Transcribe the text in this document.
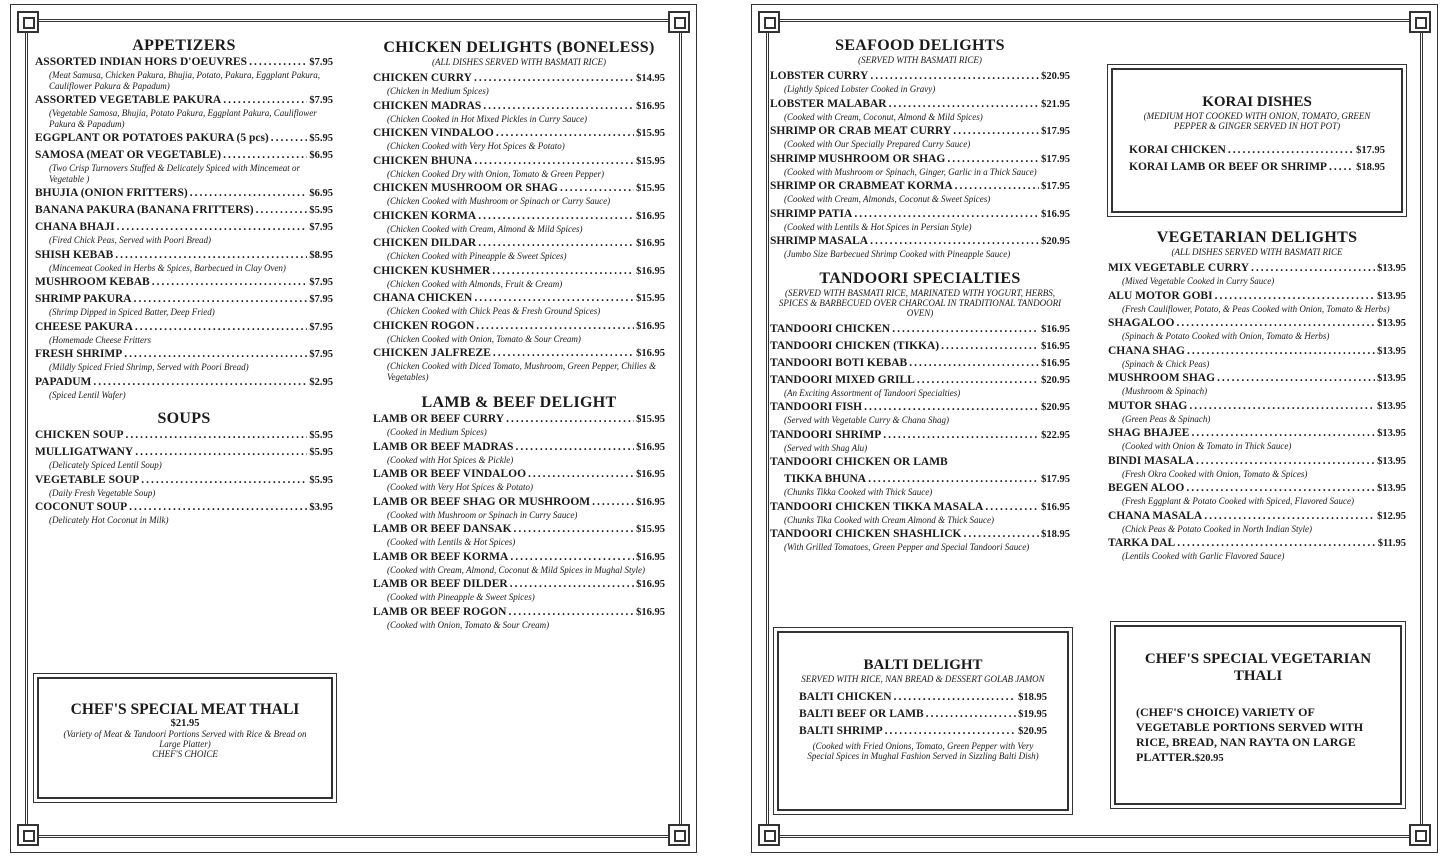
APPETIZERS
ASSORTED INDIAN HORS D'OEUVRES .....	$7.95
(Meat Samusa, Chicken Pakura, Bhujia, Potato, Pakura, Eggplant Pakura, Cauliflower Pakura & Papadum)
ASSORTED VEGETABLE PAKURA .....	$7.95
(Vegetable Samosa, Bhujia, Potato Pakura, Eggplant Pakura, Cauliflower Pakura & Papadum)
EGGPLANT OR POTATOES PAKURA (5 pcs) .....	$5.95
SAMOSA (MEAT OR VEGETABLE) .....	$6.95
(Two Crisp Turnovers Stuffed & Delicately Spiced with Mincemeat or Vegetable )
BHUJIA (ONION FRITTERS) .....	$6.95
BANANA PAKURA (BANANA FRITTERS) .....	$5.95
CHANA BHAJI .....	$7.95
(Fired Chick Peas, Served with Poori Bread)
SHISH KEBAB .....	$8.95
(Mincemeat Cooked in Herbs & Spices, Barbecued in Clay Oven)
MUSHROOM KEBAB .....	$7.95
SHRIMP PAKURA .....	$7.95
(Shrimp Dipped in Spiced Batter, Deep Fried)
CHEESE PAKURA .....	$7.95
(Homemade Cheese Fritters
FRESH SHRIMP .....	$7.95
(Mildly Spiced Fried Shrimp, Served with Poori Bread)
PAPADUM .....	$2.95
(Spiced Lentil Wafer)
SOUPS
CHICKEN SOUP .....	$5.95
MULLIGATWANY .....	$5.95
(Delicately Spiced Lentil Soup)
VEGETABLE SOUP .....	$5.95
(Daily Fresh Vegetable Soup)
COCONUT SOUP .....	$3.95
(Delicately Hot Coconut in Milk)
CHEF'S SPECIAL MEAT THALI
$21.95
(Variety of Meat & Tandoori Portions Served with Rice & Bread on Large Platter)
CHEF'S CHOICE
CHICKEN DELIGHTS (BONELESS)

(ALL DISHES SERVED WITH BASMATI RICE)

CHICKEN CURRY .....	$14.95
(Chicken in Medium Spices)
CHICKEN MADRAS .....	$16.95
(Chicken Cooked in Hot Mixed Pickles in Curry Sauce)
CHICKEN VINDALOO .....	$15.95
(Chicken Cooked with Very Hot Spices & Potato)
CHICKEN BHUNA .....	$15.95
(Chicken Cooked Dry with Onion, Tomato & Green Pepper)
CHICKEN MUSHROOM OR SHAG .....	$15.95
(Chicken Cooked with Mushroom or Spinach or Curry Sauce)
CHICKEN KORMA .....	$16.95
(Chicken Cooked with Cream, Almond & Mild Spices)
CHICKEN DILDAR .....	$16.95
(Chicken Cooked with Pineapple & Sweet Spices)
CHICKEN KUSHMER .....	$16.95
(Chicken Cooked with Almonds, Fruit & Cream)
CHANA CHICKEN .....	$15.95
(Chicken Cooked with Chick Peas & Fresh Ground Spices)
CHICKEN ROGON .....	$16.95
(Chicken Cooked with Onion, Tomato & Sour Cream)
CHICKEN JALFREZE .....	$16.95
(Chicken Cooked with Diced Tomato, Mushroom, Green Pepper, Chilies & Vegetables)
LAMB & BEEF DELIGHT
LAMB OR BEEF CURRY .....	$15.95
(Cooked in Medium Spices)
LAMB OR BEEF MADRAS .....	$16.95
(Cooked with Hot Spices & Pickle)
LAMB OR BEEF VINDALOO .....	$16.95
(Cooked with Very Hot Spices & Potato)
LAMB OR BEEF SHAG OR MUSHROOM .....	$16.95
(Cooked with Mushroom or Spinach in Curry Sauce)
LAMB OR BEEF DANSAK .....	$15.95
(Cooked with Lentils & Hot Spices)
LAMB OR BEEF KORMA .....	$16.95
(Cooked with Cream, Almond, Coconut & Mild Spices in Mughal Style)
LAMB OR BEEF DILDER .....	$16.95
(Cooked with Pineapple & Sweet Spices)
LAMB OR BEEF ROGON .....	$16.95
(Cooked with Onion, Tomato & Sour Cream)
SEAFOOD DELIGHTS

(SERVED WITH BASMATI RICE)

LOBSTER CURRY .....	$20.95
(Lightly Spiced Lobster Cooked in Gravy)
LOBSTER MALABAR .....	$21.95
(Cooked with Cream, Coconut, Almond & Mild Spices)
SHRIMP OR CRAB MEAT CURRY .....	$17.95
(Cooked with Our Specially Prepared Curry Sauce)
SHRIMP MUSHROOM OR SHAG .....	$17.95
(Cooked with Mushroom or Spinach, Ginger, Garlic in a Thick Sauce)
SHRIMP OR CRABMEAT KORMA .....	$17.95
(Cooked with Cream, Almonds, Coconut & Sweet Spices)
SHRIMP PATIA .....	$16.95
(Cooked with Lentils & Hot Spices in Persian Style)
SHRIMP MASALA .....	$20.95
(Jumbo Size Barbecued Shrimp Cooked with Pineapple Sauce)
TANDOORI SPECIALTIES

(SERVED WITH BASMATI RICE, MARINATED WITH YOGURT, HERBS, SPICES & BARBECUED OVER CHARCOAL IN TRADITIONAL TANDOORI OVEN)

TANDOORI CHICKEN .....	$16.95
TANDOORI CHICKEN (TIKKA) .....	$16.95
TANDOORI BOTI KEBAB .....	$16.95
TANDOORI MIXED GRILL .....	$20.95
(An Exciting Assortment of Tandoori Specialties)
TANDOORI FISH .....	$20.95
(Served with Vegetable Curry & Chana Shag)
TANDOORI SHRIMP .....	$22.95
(Served with Shag Alu)
TANDOORI CHICKEN OR LAMB
TIKKA BHUNA .....	$17.95
(Chunks Tikka Cooked with Thick Sauce)
TANDOORI CHICKEN TIKKA MASALA .....	$16.95
(Chunks Tika Cooked with Cream Almond & Thick Sauce)
TANDOORI CHICKEN SHASHLICK .....	$18.95
(With Grilled Tomatoes, Green Pepper and Special Tandoori Sauce)
BALTI DELIGHT
SERVED WITH RICE, NAN BREAD & DESSERT GOLAB JAMON
BALTI CHICKEN .....	$18.95
BALTI BEEF OR LAMB .....	$19.95
BALTI SHRIMP .....	$20.95
(Cooked with Fried Onions, Tomato, Green Pepper with Very Special Spices in Mughal Fashion Served in Sizzling Balti Dish)
KORAI DISHES
(MEDIUM HOT COOKED WITH ONION, TOMATO, GREEN PEPPER & GINGER SERVED IN HOT POT)
KORAI CHICKEN .....	$17.95
KORAI LAMB OR BEEF OR SHRIMP .....	$18.95
VEGETARIAN DELIGHTS

(ALL DISHES SERVED WITH BASMATI RICE

MIX VEGETABLE CURRY .....	$13.95
(Mixed Vegetable Cooked in Curry Sauce)
ALU MOTOR GOBI .....	$13.95
(Fresh Cauliflower, Potato, & Peas Cooked with Onion, Tomato & Herbs)
SHAGALOO .....	$13.95
(Spinach & Potato Cooked with Onion, Tomato & Herbs)
CHANA SHAG .....	$13.95
(Spinach & Chick Peas)
MUSHROOM SHAG .....	$13.95
(Mushroom & Spinach)
MUTOR SHAG .....	$13.95
(Green Peas & Spinach)
SHAG BHAJEE .....	$13.95
(Cooked with Onion & Tomato in Thick Sauce)
BINDI MASALA .....	$13.95
(Fresh Okra Cooked with Onion, Tomato & Spices)
BEGEN ALOO .....	$13.95
(Fresh Eggplant & Potato Cooked with Spiced, Flavored Sauce)
CHANA MASALA .....	$12.95
(Chick Peas & Potato Cooked in North Indian Style)
TARKA DAL .....	$11.95
(Lentils Cooked with Garlic Flavored Sauce)
CHEF'S SPECIAL VEGETARIAN THALI
(CHEF'S CHOICE) VARIETY OF VEGETABLE PORTIONS SERVED WITH RICE, BREAD, NAN RAYTA ON LARGE PLATTER.$20.95
